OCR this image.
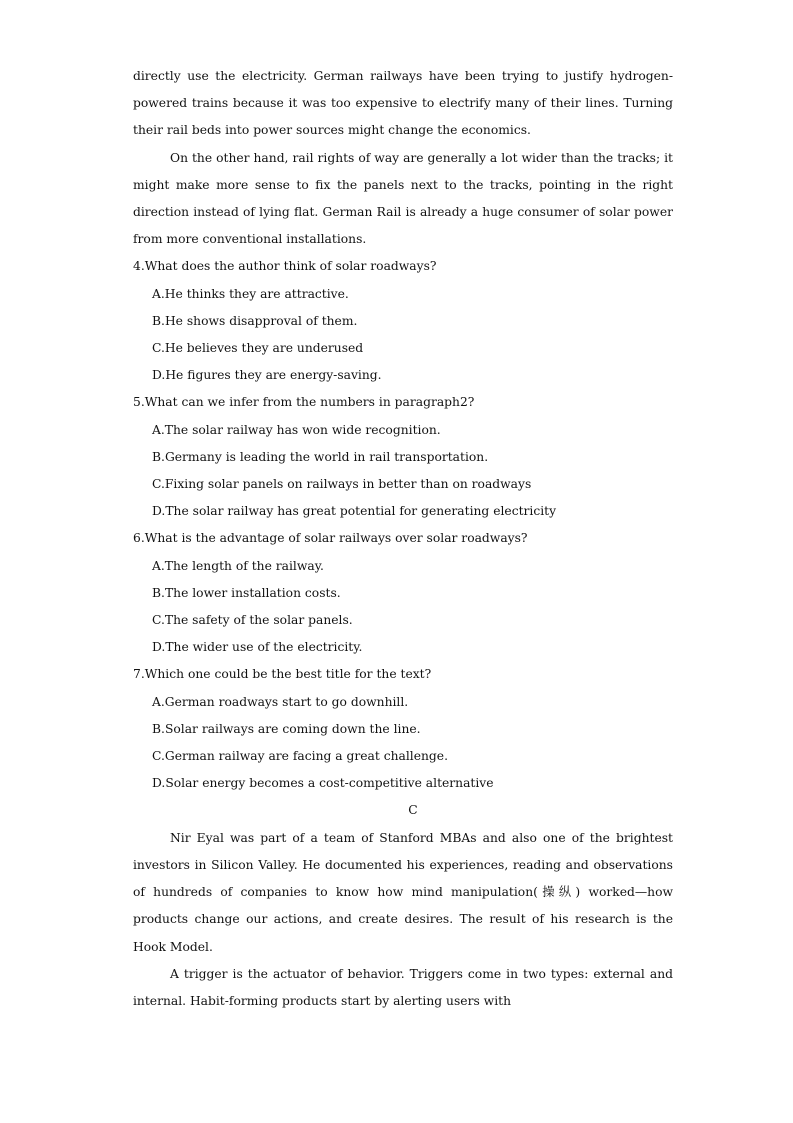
directly use the electricity. German railways have been trying to justify hydrogen-powered trains because it was too expensive to electrify many of their lines. Turning their rail beds into power sources might change the economics.

On the other hand, rail rights of way are generally a lot wider than the tracks; it might make more sense to fix the panels next to the tracks, pointing in the right direction instead of lying flat. German Rail is already a huge consumer of solar power from more conventional installations.

4.What does the author think of solar roadways?

A.He thinks they are attractive.

B.He shows disapproval of them.

C.He believes they are underused

D.He figures they are energy-saving.

5.What can we infer from the numbers in paragraph2?

A.The solar railway has won wide recognition.

B.Germany is leading the world in rail transportation.

C.Fixing solar panels on railways in better than on roadways

D.The solar railway has great potential for generating electricity

6.What is the advantage of solar railways over solar roadways?

A.The length of the railway.

B.The lower installation costs.

C.The safety of the solar panels.

D.The wider use of the electricity.

7.Which one could be the best title for the text?

A.German roadways start to go downhill.

B.Solar railways are coming down the line.

C.German railway are facing a great challenge.

D.Solar energy becomes a cost-competitive alternative

C

Nir Eyal was part of a team of Stanford MBAs and also one of the brightest investors in Silicon Valley. He documented his experiences, reading and observations of hundreds of companies to know how mind manipulation(操纵) worked—how products change our actions, and create desires. The result of his research is the Hook Model.

A trigger is the actuator of behavior. Triggers come in two types: external and internal. Habit-forming products start by alerting users with
